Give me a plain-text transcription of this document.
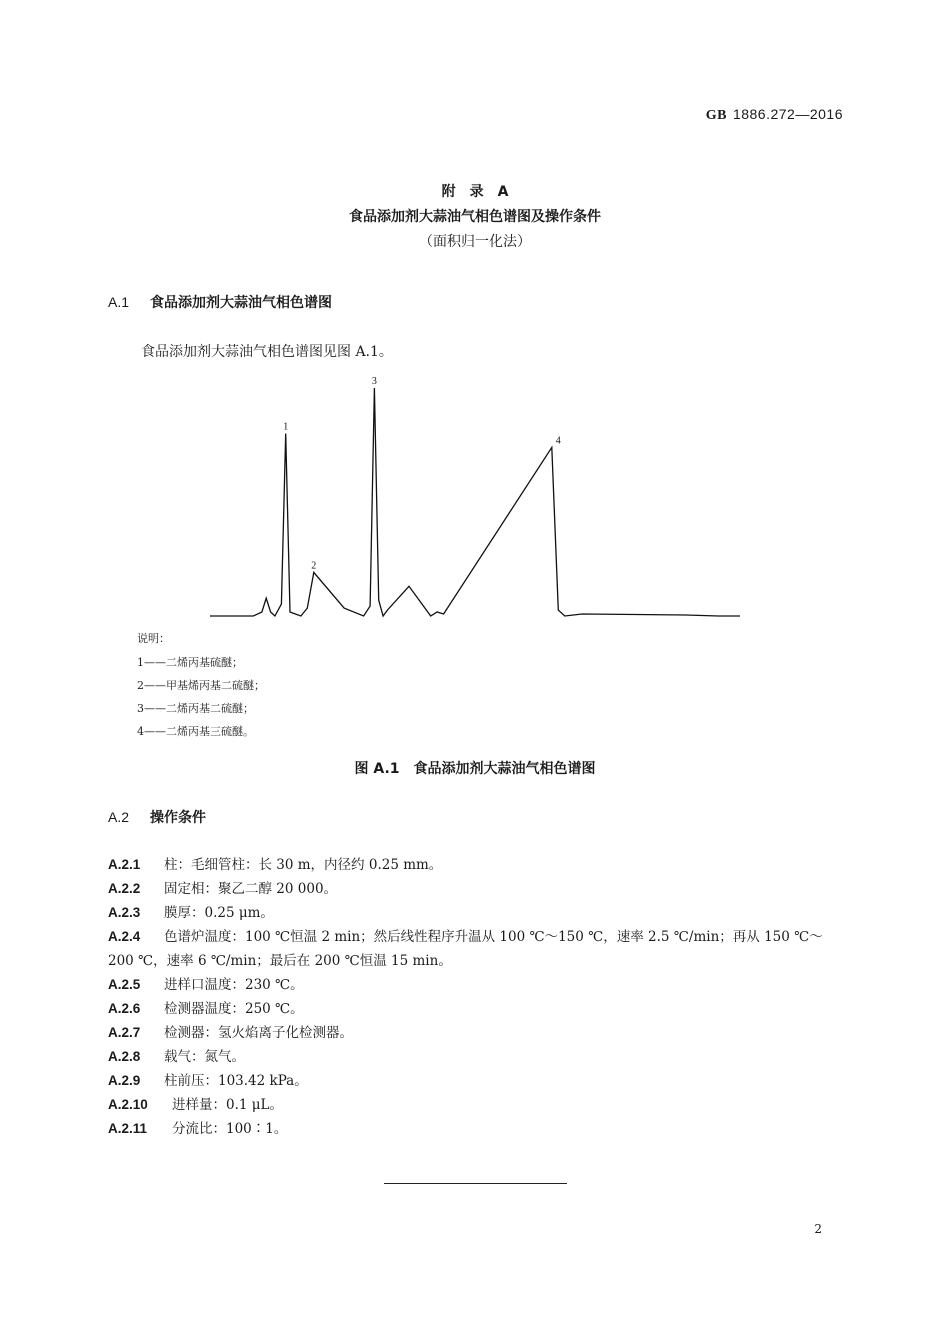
GB 1886.272—2016
附　录　A
食品添加剂大蒜油气相色谱图及操作条件
（面积归一化法）
A.1 食品添加剂大蒜油气相色谱图
食品添加剂大蒜油气相色谱图见图 A.1。
1
2
3
4
说明：
1——二烯丙基硫醚；
2——甲基烯丙基二硫醚；
3——二烯丙基二硫醚；
4——二烯丙基三硫醚。
图 A.1　食品添加剂大蒜油气相色谱图
A.2 操作条件
A.2.1 柱：毛细管柱：长 30 m，内径约 0.25 mm。
A.2.2 固定相：聚乙二醇 20 000。
A.2.3 膜厚：0.25 μm。
A.2.4 色谱炉温度：100 ℃恒温 2 min；然后线性程序升温从 100 ℃～150 ℃，速率 2.5 ℃/min；再从 150 ℃～200 ℃，速率 6 ℃/min；最后在 200 ℃恒温 15 min。
A.2.5 进样口温度：230 ℃。
A.2.6 检测器温度：250 ℃。
A.2.7 检测器：氢火焰离子化检测器。
A.2.8 载气：氮气。
A.2.9 柱前压：103.42 kPa。
A.2.10 进样量：0.1 μL。
A.2.11 分流比：100∶1。
2
